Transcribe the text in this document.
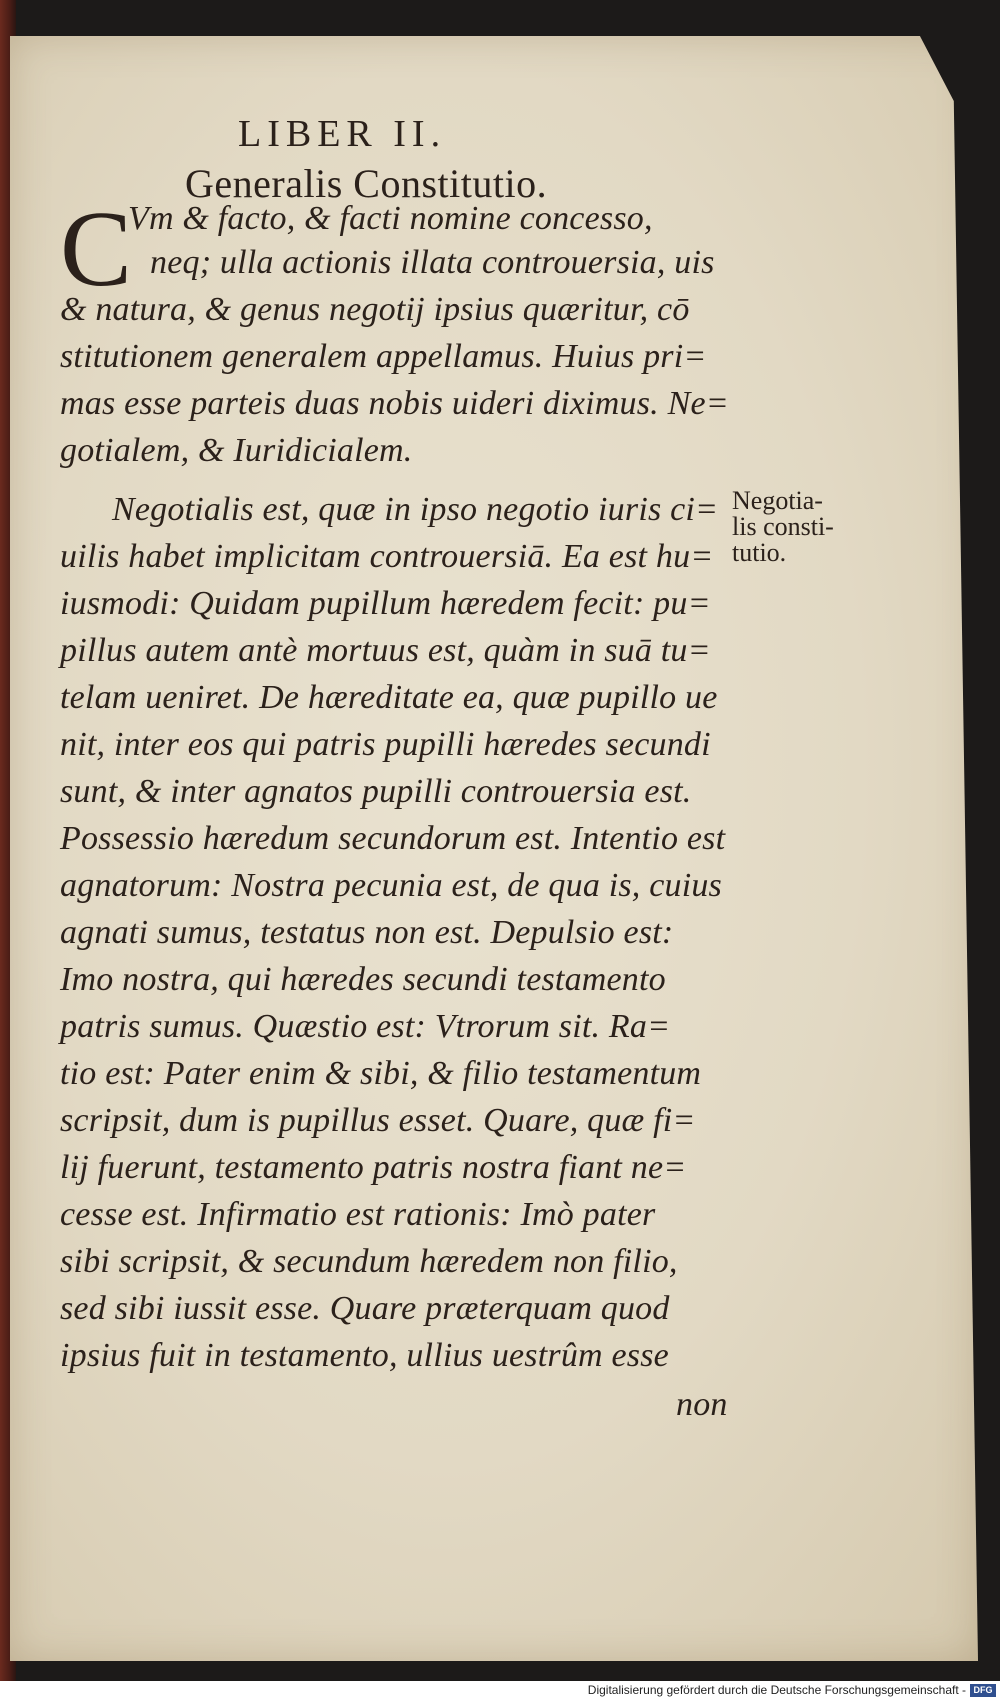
LIBER II.
Generalis Constitutio.
C
Vm & facto, & facti nomine concesso,
neq; ulla actionis illata controuersia, uis
& natura, & genus negotij ipsius quæritur, cō
stitutionem generalem appellamus. Huius pri=
mas esse parteis duas nobis uideri diximus. Ne=
gotialem, & Iuridicialem.
Negotialis est, quæ in ipso negotio iuris ci=
uilis habet implicitam controuersiā. Ea est hu=
iusmodi: Quidam pupillum hæredem fecit: pu=
pillus autem antè mortuus est, quàm in suā tu=
telam ueniret. De hæreditate ea, quæ pupillo ue
nit, inter eos qui patris pupilli hæredes secundi
sunt, & inter agnatos pupilli controuersia est.
Possessio hæredum secundorum est. Intentio est
agnatorum: Nostra pecunia est, de qua is, cuius
agnati sumus, testatus non est. Depulsio est:
Imo nostra, qui hæredes secundi testamento
patris sumus. Quæstio est: Vtrorum sit. Ra=
tio est: Pater enim & sibi, & filio testamentum
scripsit, dum is pupillus esset. Quare, quæ fi=
lij fuerunt, testamento patris nostra fiant ne=
cesse est. Infirmatio est rationis: Imò pater
sibi scripsit, & secundum hæredem non filio,
sed sibi iussit esse. Quare præterquam quod
ipsius fuit in testamento, ullius uestrûm esse
non
Negotia-
lis consti-
tutio.
Digitalisierung gefördert durch die Deutsche Forschungsgemeinschaft - DFG
